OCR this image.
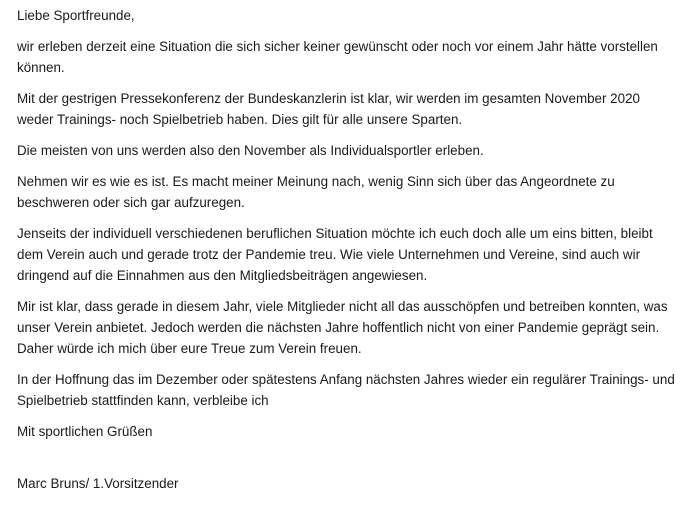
Liebe Sportfreunde,

wir erleben derzeit eine Situation die sich sicher keiner gewünscht oder noch vor einem Jahr hätte vorstellen können.

Mit der gestrigen Pressekonferenz der Bundeskanzlerin ist klar, wir werden im gesamten November 2020 weder Trainings- noch Spielbetrieb haben. Dies gilt für alle unsere Sparten.

Die meisten von uns werden also den November als Individualsportler erleben.

Nehmen wir es wie es ist. Es macht meiner Meinung nach, wenig Sinn sich über das Angeordnete zu beschweren oder sich gar aufzuregen.

Jenseits der individuell verschiedenen beruflichen Situation möchte ich euch doch alle um eins bitten, bleibt dem Verein auch und gerade trotz der Pandemie treu. Wie viele Unternehmen und Vereine, sind auch wir dringend auf die Einnahmen aus den Mitgliedsbeiträgen angewiesen.

Mir ist klar, dass gerade in diesem Jahr, viele Mitglieder nicht all das ausschöpfen und betreiben konnten, was unser Verein anbietet. Jedoch werden die nächsten Jahre hoffentlich nicht von einer Pandemie geprägt sein. Daher würde ich mich über eure Treue zum Verein freuen.

In der Hoffnung das im Dezember oder spätestens Anfang nächsten Jahres wieder ein regulärer Trainings- und Spielbetrieb stattfinden kann, verbleibe ich

Mit sportlichen Grüßen

Marc Bruns/ 1.Vorsitzender
